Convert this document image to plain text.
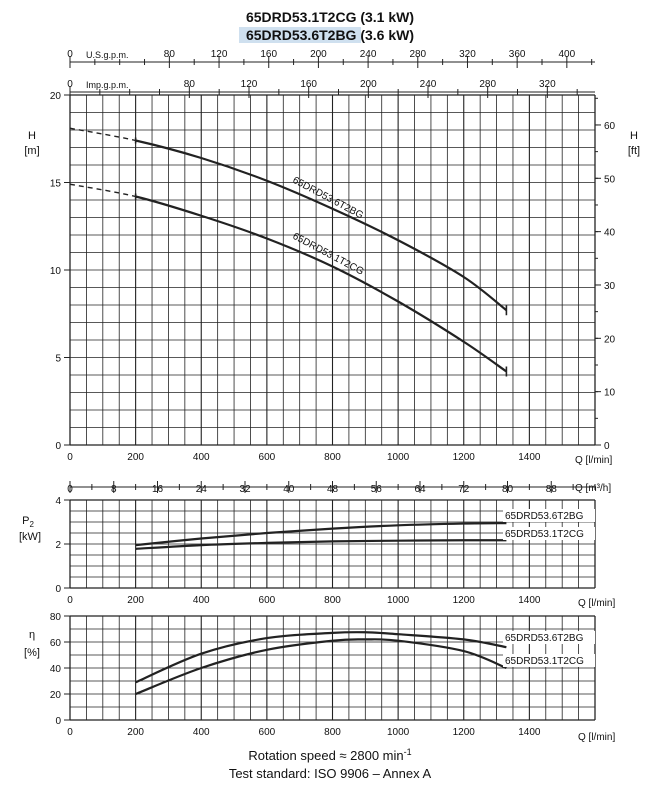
65DRD53.1T2CG (3.1 kW)
65DRD53.6T2BG (3.6 kW)
U.S.g.p.m.
Imp.g.p.m.
H
[m]
H
[ft]
Q [l/min]
Q [m³/h]
$P_2$
[kW]
Q [l/min]
η
[%]
Q [l/min]
Rotation speed ≈ 2800 $\min^{-1}$
Test standard: ISO 9906 – Annex A
0	80	120	160	200	240	280	320	360	400
0	80	120	160	200	240	280	320
0	200	400	600	800	1000	1200	1400
0
5
10
15
20
65DRD53.6T2BG
65DRD53.1T2CG
0
10
20
30
40
50
60
0	8	16	24	32	40	48	56	64	72	80	88
0	200	400	600	800	1000	1200	1400
0
2
4
65DRD53.6T2BG
65DRD53.1T2CG
0	200	400	600	800	1000	1200	1400
0
20
40
60
80
65DRD53.6T2BG
65DRD53.1T2CG
